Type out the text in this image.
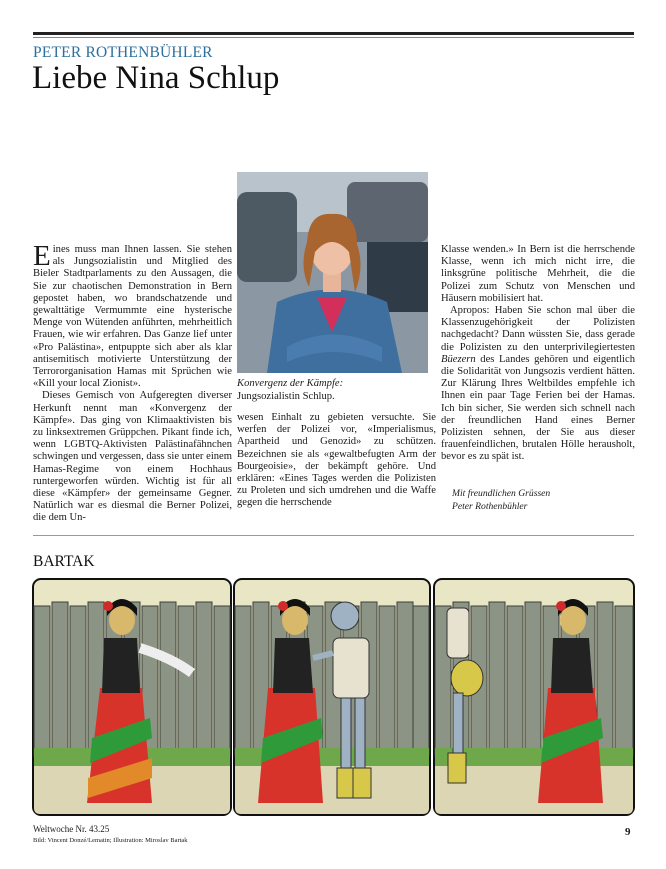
PETER ROTHENBÜHLER
Liebe Nina Schlup

Eines muss man Ihnen lassen. Sie stehen als Jungsozialistin und Mitglied des Bieler Stadtparlaments zu den Aussagen, die Sie zur chaotischen Demonstration in Bern gepostet haben, wo brandschatzende und gewalttätige Vermummte eine hysterische Menge von Wütenden anführten, mehrheitlich Frauen, wie wir erfahren. Das Ganze lief unter «Pro Palästina», entpuppte sich aber als klar antisemitisch motivierte Unterstützung der Terrororganisation Hamas mit Sprüchen wie «Kill your local Zionist».

Dieses Gemisch von Aufgeregten diverser Herkunft nennt man «Konvergenz der Kämpfe». Das ging von Klimaaktivisten bis zu linksextremen Grüppchen. Pikant finde ich, wenn LGBTQ-Aktivisten Palästinafähnchen schwingen und vergessen, dass sie unter einem Hamas-Regime von einem Hochhaus runtergeworfen würden. Wichtig ist für all diese «Kämpfer» der gemeinsame Gegner. Natürlich war es diesmal die Berner Polizei, die dem Un-

Konvergenz der Kämpfe:
Jungsozialistin Schlup.

wesen Einhalt zu gebieten versuchte. Sie werfen der Polizei vor, «Imperialismus, Apartheid und Genozid» zu schützen. Bezeichnen sie als «gewaltbefugten Arm der Bourgeoisie», der bekämpft gehöre. Und erklären: «Eines Tages werden die Polizisten zu Proleten und sich umdrehen und die Waffe gegen die herrschende

Klasse wenden.» In Bern ist die herrschende Klasse, wenn ich mich nicht irre, die linksgrüne politische Mehrheit, die die Polizei zum Schutz von Menschen und Häusern mobilisiert hat.

Apropos: Haben Sie schon mal über die Klassenzugehörigkeit der Polizisten nachgedacht? Dann wüssten Sie, dass gerade die Polizisten zu den unterprivilegiertesten Büezern des Landes gehören und eigentlich die Solidarität von Jungsozis verdient hätten. Zur Klärung Ihres Weltbildes empfehle ich Ihnen ein paar Tage Ferien bei der Hamas. Ich bin sicher, Sie werden sich schnell nach der freundlichen Hand eines Berner Polizisten sehnen, der Sie aus dieser frauenfeindlichen, brutalen Hölle herausholt, bevor es zu spät ist.

Mit freundlichen Grüssen
Peter Rothenbühler
BARTAK
Weltwoche Nr. 43.25
Bild: Vincent Donzé/Lematin; Illustration: Miroslav Bartak
9
